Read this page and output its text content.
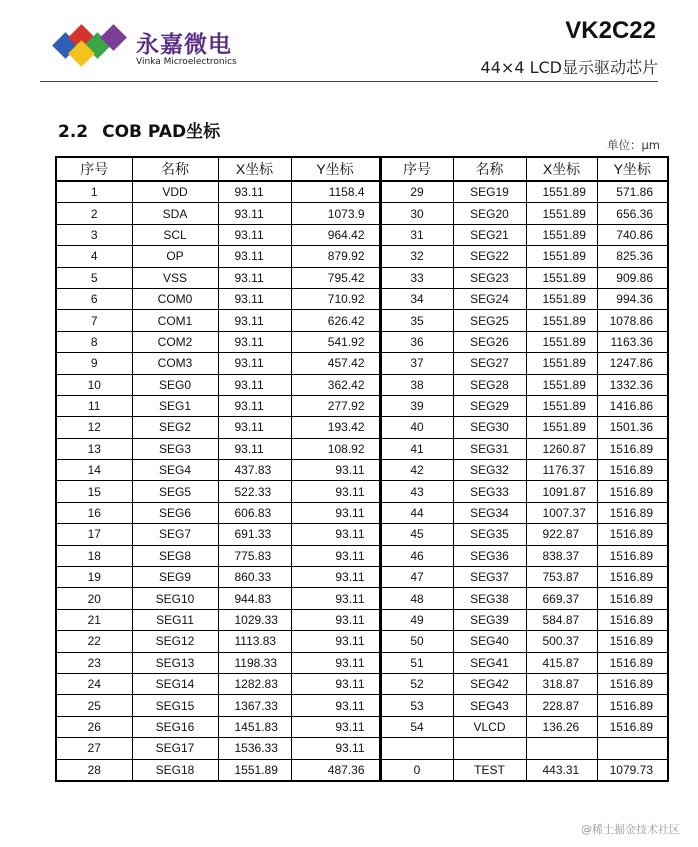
永嘉微电
Vinka Microelectronics
VK2C22
44×4 LCD显示驱动芯片
2.2 COB PAD坐标
单位：μm
序号	名称	X坐标	Y坐标	序号	名称	X坐标	Y坐标
1	VDD	93.11	1158.4	29	SEG19	1551.89	571.86
2	SDA	93.11	1073.9	30	SEG20	1551.89	656.36
3	SCL	93.11	964.42	31	SEG21	1551.89	740.86
4	OP	93.11	879.92	32	SEG22	1551.89	825.36
5	VSS	93.11	795.42	33	SEG23	1551.89	909.86
6	COM0	93.11	710.92	34	SEG24	1551.89	994.36
7	COM1	93.11	626.42	35	SEG25	1551.89	1078.86
8	COM2	93.11	541.92	36	SEG26	1551.89	1163.36
9	COM3	93.11	457.42	37	SEG27	1551.89	1247.86
10	SEG0	93.11	362.42	38	SEG28	1551.89	1332.36
11	SEG1	93.11	277.92	39	SEG29	1551.89	1416.86
12	SEG2	93.11	193.42	40	SEG30	1551.89	1501.36
13	SEG3	93.11	108.92	41	SEG31	1260.87	1516.89
14	SEG4	437.83	93.11	42	SEG32	1176.37	1516.89
15	SEG5	522.33	93.11	43	SEG33	1091.87	1516.89
16	SEG6	606.83	93.11	44	SEG34	1007.37	1516.89
17	SEG7	691.33	93.11	45	SEG35	922.87	1516.89
18	SEG8	775.83	93.11	46	SEG36	838.37	1516.89
19	SEG9	860.33	93.11	47	SEG37	753.87	1516.89
20	SEG10	944.83	93.11	48	SEG38	669.37	1516.89
21	SEG11	1029.33	93.11	49	SEG39	584.87	1516.89
22	SEG12	1113.83	93.11	50	SEG40	500.37	1516.89
23	SEG13	1198.33	93.11	51	SEG41	415.87	1516.89
24	SEG14	1282.83	93.11	52	SEG42	318.87	1516.89
25	SEG15	1367.33	93.11	53	SEG43	228.87	1516.89
26	SEG16	1451.83	93.11	54	VLCD	136.26	1516.89
27	SEG17	1536.33	93.11				
28	SEG18	1551.89	487.36	0	TEST	443.31	1079.73
@稀土掘金技术社区
